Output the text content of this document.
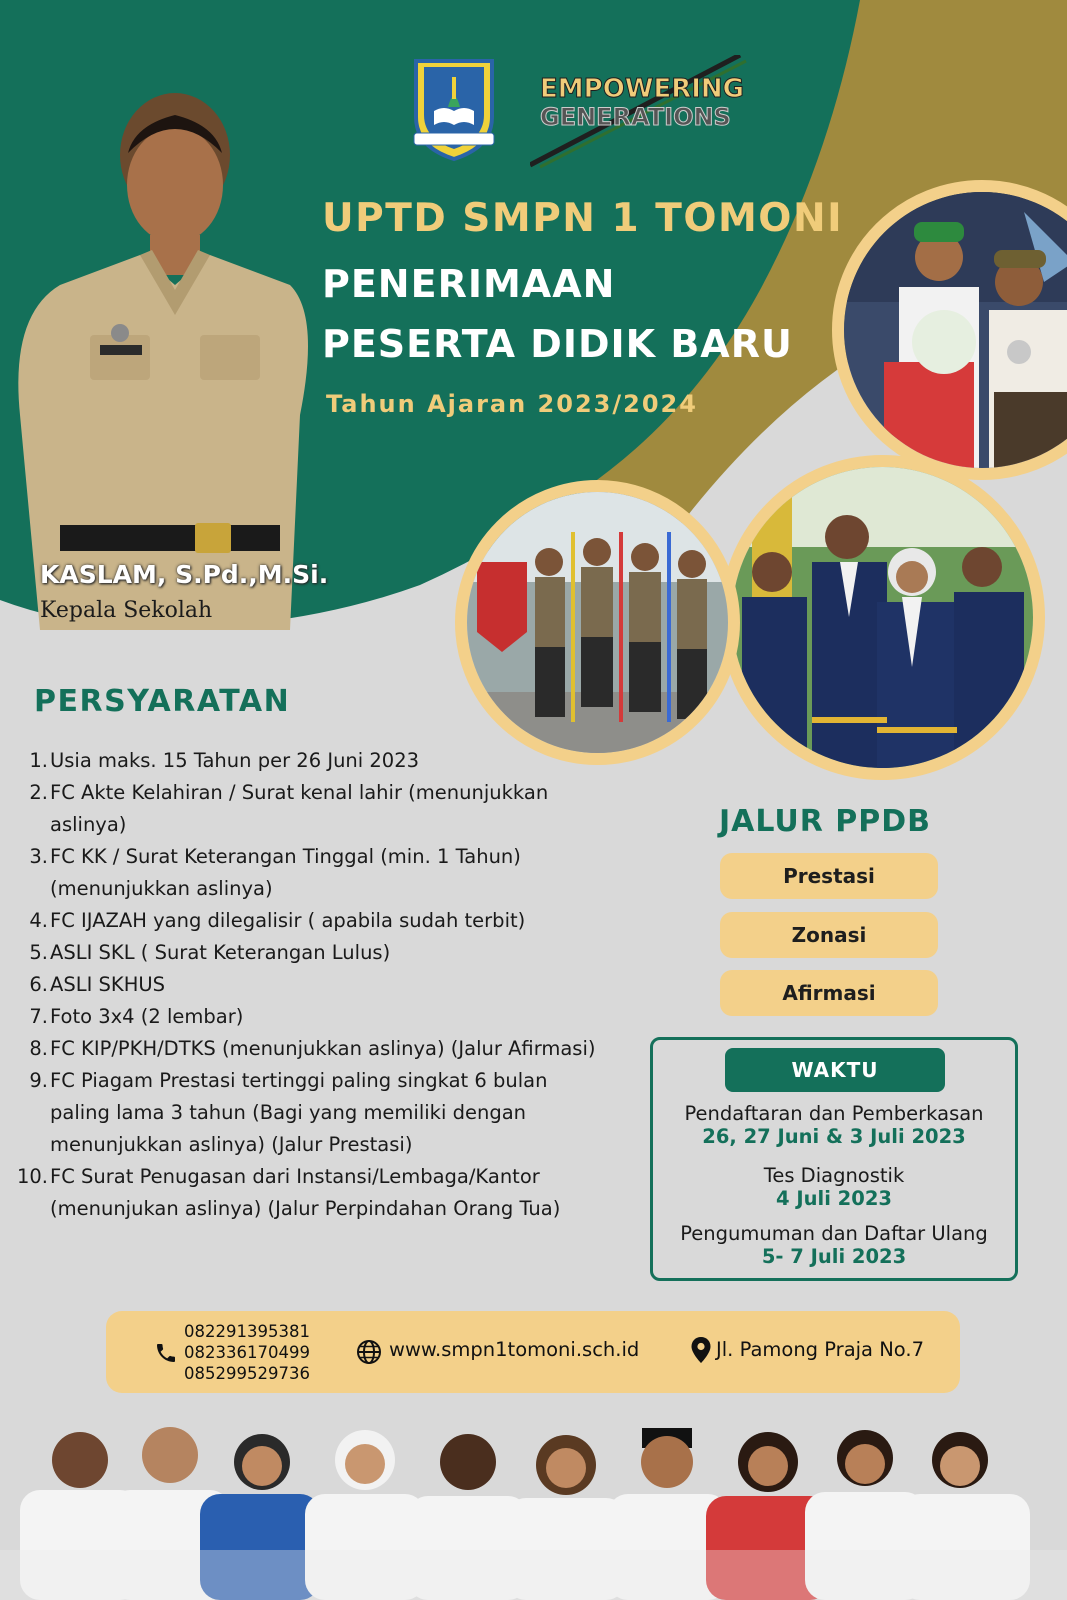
EMPOWERING
GENERATIONS
UPTD SMPN 1 TOMONI
PENERIMAAN
PESERTA DIDIK BARU
Tahun Ajaran 2023/2024
KASLAM, S.Pd.,M.Si.
Kepala Sekolah
PERSYARATAN
1. Usia maks. 15 Tahun per 26 Juni 2023
2. FC Akte Kelahiran / Surat kenal lahir (menunjukkan aslinya)
3. FC KK / Surat Keterangan Tinggal (min. 1 Tahun) (menunjukkan aslinya)
4. FC IJAZAH yang dilegalisir ( apabila sudah terbit)
5. ASLI SKL ( Surat Keterangan Lulus)
6. ASLI SKHUS
7. Foto 3x4 (2 lembar)
8. FC KIP/PKH/DTKS (menunjukkan aslinya) (Jalur Afirmasi)
9. FC Piagam Prestasi tertinggi paling singkat 6 bulan paling lama 3 tahun (Bagi yang memiliki dengan menunjukkan aslinya) (Jalur Prestasi)
10. FC Surat Penugasan dari Instansi/Lembaga/Kantor (menunjukan aslinya) (Jalur Perpindahan Orang Tua)
JALUR PPDB
Prestasi
Zonasi
Afirmasi
WAKTU
Pendaftaran dan Pemberkasan
26, 27 Juni & 3 Juli 2023
Tes Diagnostik
4 Juli 2023
Pengumuman dan Daftar Ulang
5- 7 Juli 2023
082291395381
082336170499
085299529736
www.smpn1tomoni.sch.id	Jl. Pamong Praja No.7
